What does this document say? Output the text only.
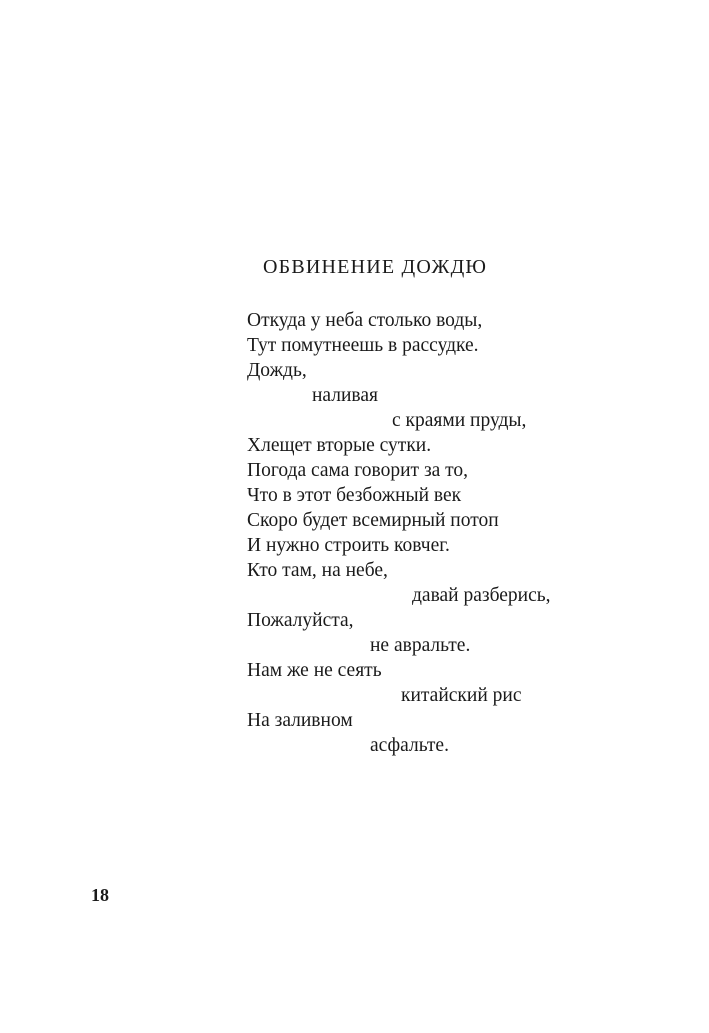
ОБВИНЕНИЕ ДОЖДЮ
Откуда у неба столько воды,
Тут помутнеешь в рассудке.
Дождь,
наливая
с краями пруды,
Хлещет вторые сутки.
Погода сама говорит за то,
Что в этот безбожный век
Скоро будет всемирный потоп
И нужно строить ковчег.
Кто там, на небе,
давай разберись,
Пожалуйста,
не авральте.
Нам же не сеять
китайский рис
На заливном
асфальте.
18
